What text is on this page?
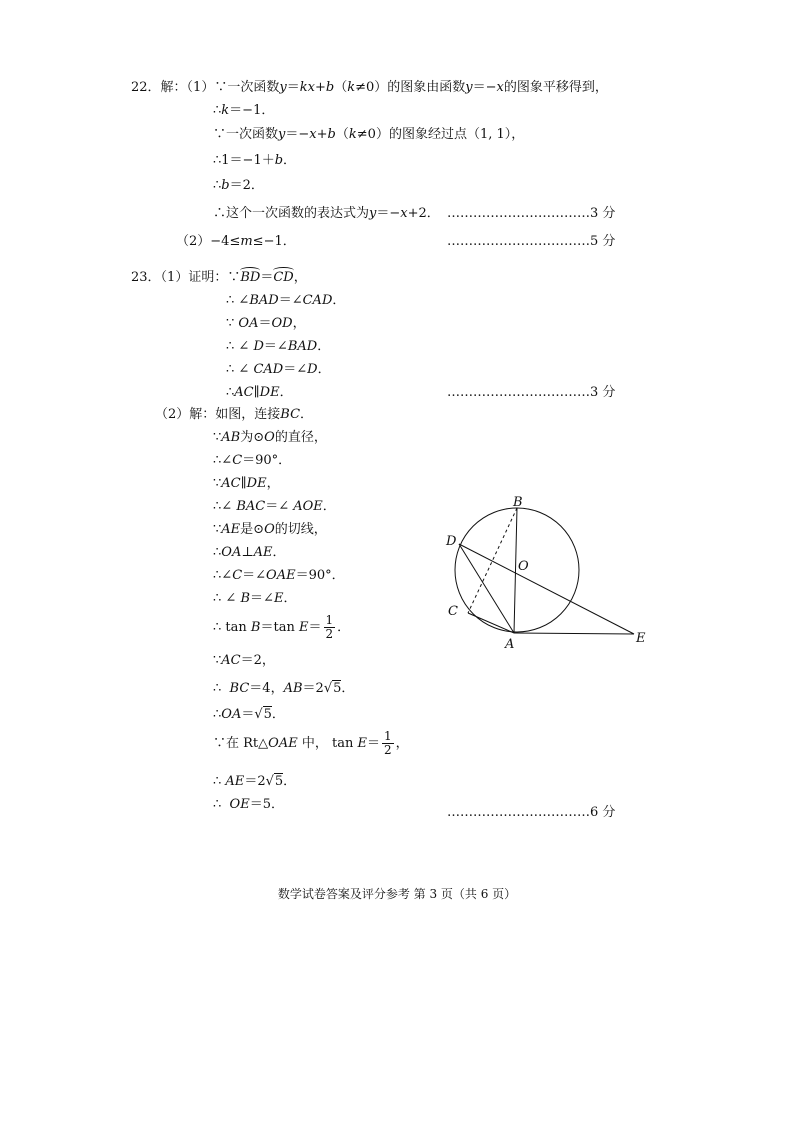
22．解：（1）∵一次函数y＝kx+b（k≠0）的图象由函数y＝−x的图象平移得到，
∴k＝−1．
∵一次函数y＝−x+b（k≠0）的图象经过点（1, 1），
∴1＝−1＋b．
∴b＝2．
∴这个一次函数的表达式为y＝−x+2． ……………………………3 分
（2）−4≤m≤−1．	……………………………5 分
23．（1）证明：∵BD＝CD，
∴ ∠BAD＝∠CAD．
∵ OA＝OD，
∴ ∠ D＝∠BAD．
∴ ∠ CAD＝∠D．
∴AC∥DE．	……………………………3 分
（2）解：如图，连接BC．
∵AB为⊙O的直径，
∴∠C＝90°．
∵AC∥DE，
∴∠ BAC＝∠ AOE．
∵AE是⊙O的切线，
∴OA⊥AE．
∴∠C＝∠OAE＝90°．
∴ ∠ B＝∠E．
∴ tan B＝tan $E= \frac{1}{2}$ ．
∵AC＝2，
∴ BC＝4，AB＝2√5．
∴OA＝√5．
∵在 Rt△OAE 中， $\tan E= \frac{1}{2}$ ，
∴ AE＝2√5．
∴ OE＝5．
……………………………6 分
B
D
O
C
A	E
数学试卷答案及评分参考 第 3 页（共 6 页）
